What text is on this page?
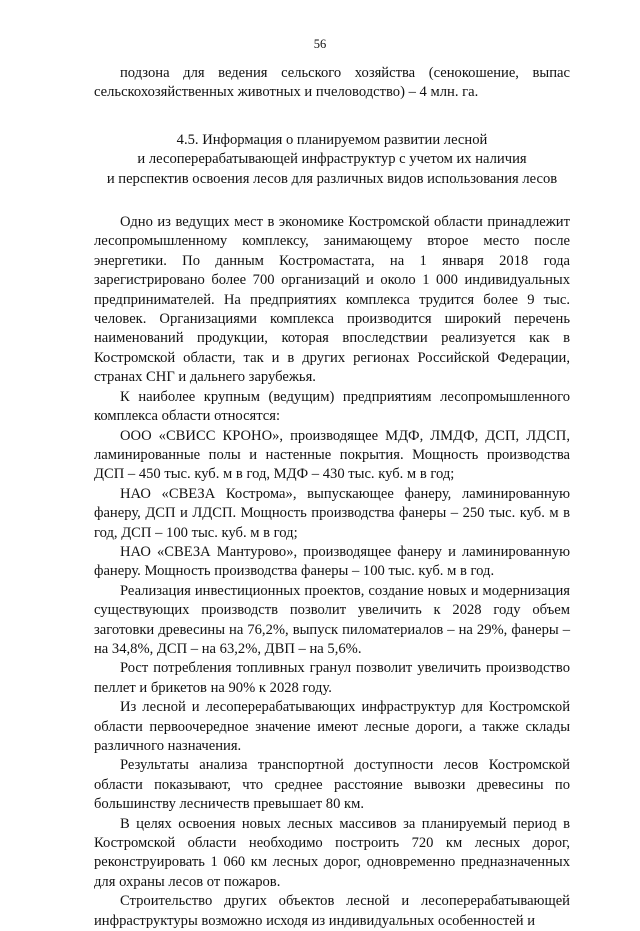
56

подзона для ведения сельского хозяйства (сенокошение, выпас сельскохозяйственных животных и пчеловодство) – 4 млн. га.

4.5. Информация о планируемом развитии лесной
и лесоперерабатывающей инфраструктур с учетом их наличия
и перспектив освоения лесов для различных видов использования лесов

Одно из ведущих мест в экономике Костромской области принадлежит лесопромышленному комплексу, занимающему второе место после энергетики. По данным Костромастата, на 1 января 2018 года зарегистрировано более 700 организаций и около 1 000 индивидуальных предпринимателей. На предприятиях комплекса трудится более 9 тыс. человек. Организациями комплекса производится широкий перечень наименований продукции, которая впоследствии реализуется как в Костромской области, так и в других регионах Российской Федерации, странах СНГ и дальнего зарубежья.

К наиболее крупным (ведущим) предприятиям лесопромышленного комплекса области относятся:

ООО «СВИСС КРОНО», производящее МДФ, ЛМДФ, ДСП, ЛДСП, ламинированные полы и настенные покрытия. Мощность производства ДСП – 450 тыс. куб. м в год, МДФ – 430 тыс. куб. м в год;

НАО «СВЕЗА Кострома», выпускающее фанеру, ламинированную фанеру, ДСП и ЛДСП. Мощность производства фанеры – 250 тыс. куб. м в год, ДСП – 100 тыс. куб. м в год;

НАО «СВЕЗА Мантурово», производящее фанеру и ламинированную фанеру. Мощность производства фанеры – 100 тыс. куб. м в год.

Реализация инвестиционных проектов, создание новых и модернизация существующих производств позволит увеличить к 2028 году объем заготовки древесины на 76,2%, выпуск пиломатериалов – на 29%, фанеры – на 34,8%, ДСП – на 63,2%, ДВП – на 5,6%.

Рост потребления топливных гранул позволит увеличить производство пеллет и брикетов на 90% к 2028 году.

Из лесной и лесоперерабатывающих инфраструктур для Костромской области первоочередное значение имеют лесные дороги, а также склады различного назначения.

Результаты анализа транспортной доступности лесов Костромской области показывают, что среднее расстояние вывозки древесины по большинству лесничеств превышает 80 км.

В целях освоения новых лесных массивов за планируемый период в Костромской области необходимо построить 720 км лесных дорог, реконструировать 1 060 км лесных дорог, одновременно предназначенных для охраны лесов от пожаров.

Строительство других объектов лесной и лесоперерабатывающей инфраструктуры возможно исходя из индивидуальных особенностей и
